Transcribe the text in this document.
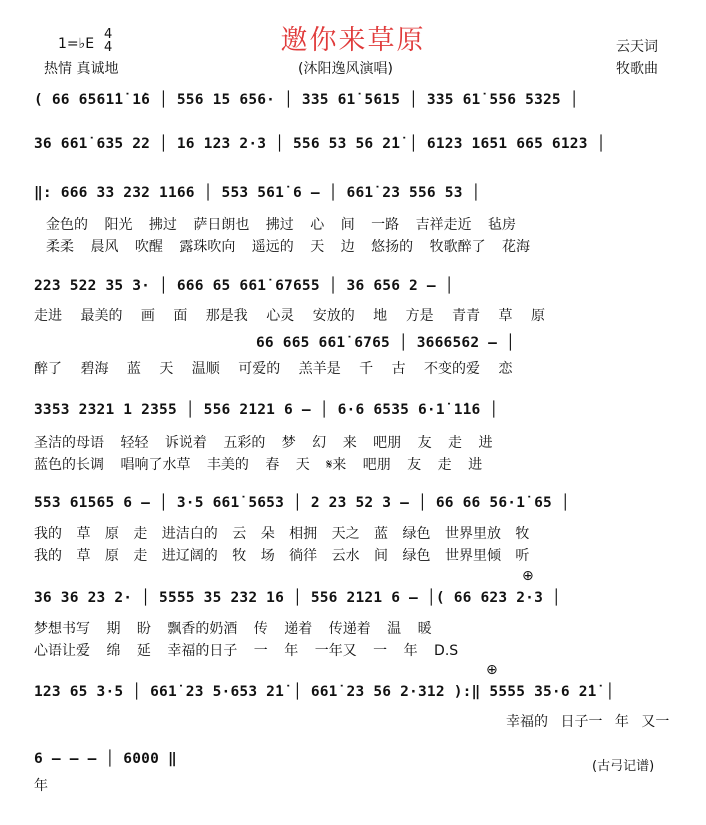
1=♭E
4
4
热情 真诚地
邀你来草原
(沐阳逸风演唱)
云天词
牧歌曲
( 66 6561̇1̇ 1̇6 │ 556 15 656· │ 335 61̇ 5615 │ 335 61̇ 556 5325 │
36 661̇ 635 22 │ 16 123 2·3 │ 556 53 56 2̇1̇ │ 6123 1651 665 6123 │
‖: 666 33 232 1166 │ 553 561̇ 6 – │ 661̇ 23 556 53 │
金色的 阳光 拂过 萨日朗也 拂过 心 间 一路 吉祥走近 毡房
柔柔 晨风 吹醒 露珠吹向 遥远的 天 边 悠扬的 牧歌醉了 花海
223 522 35 3· │ 666 65 661̇ 67655 │ 36 656 2 – │
走进 最美的 画 面 那是我 心灵 安放的 地 方是 青青 草 原
66 665 661̇ 6765 │ 3666562 – │
醉了 碧海 蓝 天 温顺 可爱的 羔羊是 千 古 不变的爱 恋
3353 2321 1 2355 │ 556 2121 6 – │ 6·6 6535 6·1̇ 1̇16 │
圣洁的母语 轻轻 诉说着 五彩的 梦 幻 来 吧朋 友 走 进
蓝色的长调 唱响了水草 丰美的 春 天 𝄋来 吧朋 友 走 进
553 61565 6 – │ 3·5 661̇ 5653 │ 2 23 52 3 – │ 66 66 56·1̇ 65 │
我的 草 原 走 进洁白的 云 朵 相拥 天之 蓝 绿色 世界里放 牧
我的 草 原 走 进辽阔的 牧 场 徜徉 云水 间 绿色 世界里倾 听
36 36 23 2· │ 5555 35 232 16 │ 556 2121 6 – │( 66 623 2·3 │
⊕
梦想书写 期 盼 飘香的奶酒 传 递着 传递着 温 暖
心语让爱 绵 延 幸福的日子 一 年 一年又 一 年 D.S
⊕
123 65 3·5 │ 661̇ 23 5·653 2̇1̇ │ 661̇ 23 56 2·312 ):‖ 5555 35·6 2̇1̇ │
幸福的 日子一 年 又一
6 – – – │ 6000 ‖
年
(古弓记谱)
